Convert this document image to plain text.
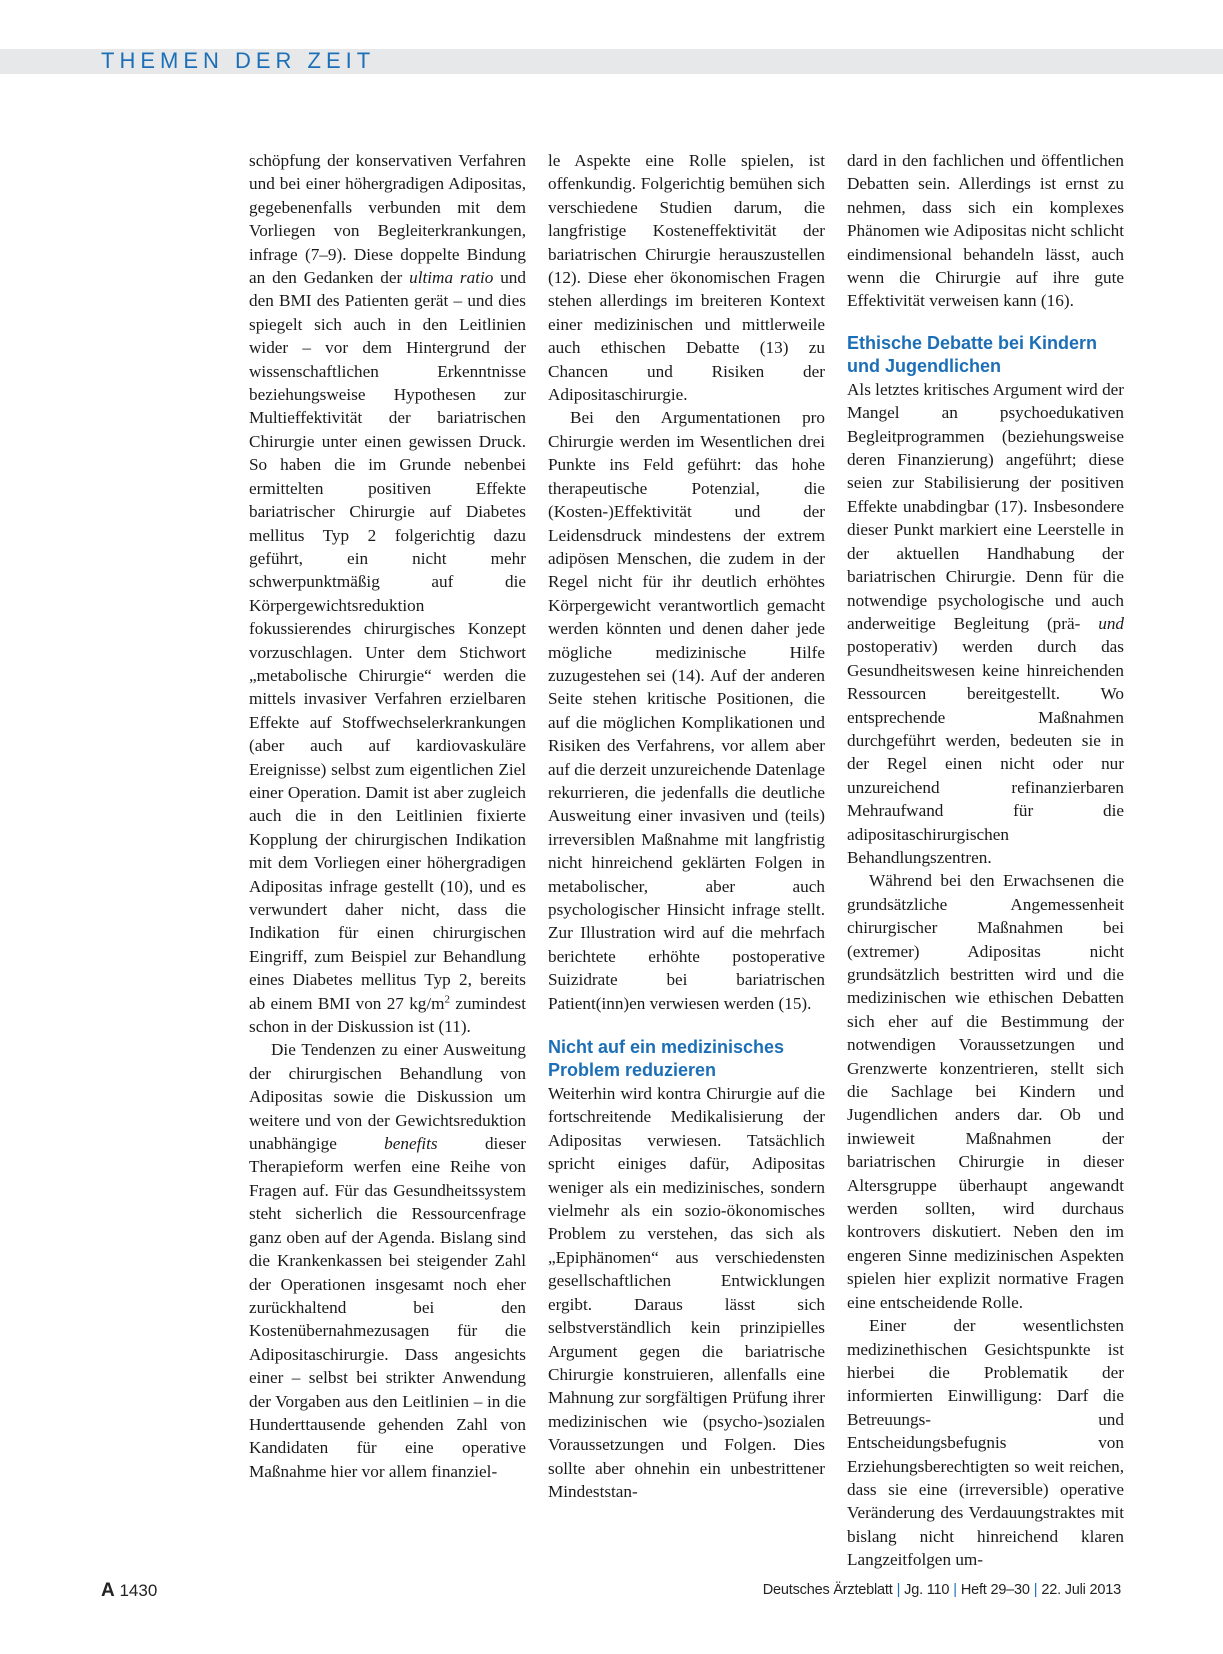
THEMEN DER ZEIT

schöpfung der konservativen Verfahren und bei einer höhergradigen Adipositas, gegebenenfalls verbunden mit dem Vorliegen von Begleiterkrankungen, infrage (7–9). Diese doppelte Bindung an den Gedanken der ultima ratio und den BMI des Patienten gerät – und dies spiegelt sich auch in den Leitlinien wider – vor dem Hintergrund der wissenschaftlichen Erkenntnisse beziehungsweise Hypothesen zur Multieffektivität der bariatrischen Chirurgie unter einen gewissen Druck. So haben die im Grunde nebenbei ermittelten positiven Effekte bariatrischer Chirurgie auf Diabetes mellitus Typ 2 folgerichtig dazu geführt, ein nicht mehr schwerpunktmäßig auf die Körpergewichtsreduktion fokussierendes chirurgisches Konzept vorzuschlagen. Unter dem Stichwort „metabolische Chirurgie“ werden die mittels invasiver Verfahren erzielbaren Effekte auf Stoffwechselerkrankungen (aber auch auf kardiovaskuläre Ereignisse) selbst zum eigentlichen Ziel einer Operation. Damit ist aber zugleich auch die in den Leitlinien fixierte Kopplung der chirurgischen Indikation mit dem Vorliegen einer höhergradigen Adipositas infrage gestellt (10), und es verwundert daher nicht, dass die Indikation für einen chirurgischen Eingriff, zum Beispiel zur Behandlung eines Diabetes mellitus Typ 2, bereits ab einem BMI von 27 $kg/m^2$ zumindest schon in der Diskussion ist (11).

Die Tendenzen zu einer Ausweitung der chirurgischen Behandlung von Adipositas sowie die Diskussion um weitere und von der Gewichtsreduktion unabhängige benefits dieser Therapieform werfen eine Reihe von Fragen auf. Für das Gesundheitssystem steht sicherlich die Ressourcenfrage ganz oben auf der Agenda. Bislang sind die Krankenkassen bei steigender Zahl der Operationen insgesamt noch eher zurückhaltend bei den Kostenübernahmezusagen für die Adipositaschirurgie. Dass angesichts einer – selbst bei strikter Anwendung der Vorgaben aus den Leitlinien – in die Hunderttausende gehenden Zahl von Kandidaten für eine operative Maßnahme hier vor allem finanziel-

le Aspekte eine Rolle spielen, ist offenkundig. Folgerichtig bemühen sich verschiedene Studien darum, die langfristige Kosteneffektivität der bariatrischen Chirurgie herauszustellen (12). Diese eher ökonomischen Fragen stehen allerdings im breiteren Kontext einer medizinischen und mittlerweile auch ethischen Debatte (13) zu Chancen und Risiken der Adipositaschirurgie.

Bei den Argumentationen pro Chirurgie werden im Wesentlichen drei Punkte ins Feld geführt: das hohe therapeutische Potenzial, die (Kosten-)Effektivität und der Leidensdruck mindestens der extrem adipösen Menschen, die zudem in der Regel nicht für ihr deutlich erhöhtes Körpergewicht verantwortlich gemacht werden könnten und denen daher jede mögliche medizinische Hilfe zuzugestehen sei (14). Auf der anderen Seite stehen kritische Positionen, die auf die möglichen Komplikationen und Risiken des Verfahrens, vor allem aber auf die derzeit unzureichende Datenlage rekurrieren, die jedenfalls die deutliche Ausweitung einer invasiven und (teils) irreversiblen Maßnahme mit langfristig nicht hinreichend geklärten Folgen in metabolischer, aber auch psychologischer Hinsicht infrage stellt. Zur Illustration wird auf die mehrfach berichtete erhöhte postoperative Suizidrate bei bariatrischen Patient(inn)en verwiesen werden (15).

Nicht auf ein medizinisches Problem reduzieren

Weiterhin wird kontra Chirurgie auf die fortschreitende Medikalisierung der Adipositas verwiesen. Tatsächlich spricht einiges dafür, Adipositas weniger als ein medizinisches, sondern vielmehr als ein sozio-ökonomisches Problem zu verstehen, das sich als „Epiphänomen“ aus verschiedensten gesellschaftlichen Entwicklungen ergibt. Daraus lässt sich selbstverständlich kein prinzipielles Argument gegen die bariatrische Chirurgie konstruieren, allenfalls eine Mahnung zur sorgfältigen Prüfung ihrer medizinischen wie (psycho-)sozialen Voraussetzungen und Folgen. Dies sollte aber ohnehin ein unbestrittener Mindeststan-

dard in den fachlichen und öffentlichen Debatten sein. Allerdings ist ernst zu nehmen, dass sich ein komplexes Phänomen wie Adipositas nicht schlicht eindimensional behandeln lässt, auch wenn die Chirurgie auf ihre gute Effektivität verweisen kann (16).

Ethische Debatte bei Kindern und Jugendlichen

Als letztes kritisches Argument wird der Mangel an psychoedukativen Begleitprogrammen (beziehungsweise deren Finanzierung) angeführt; diese seien zur Stabilisierung der positiven Effekte unabdingbar (17). Insbesondere dieser Punkt markiert eine Leerstelle in der aktuellen Handhabung der bariatrischen Chirurgie. Denn für die notwendige psychologische und auch anderweitige Begleitung (prä- und postoperativ) werden durch das Gesundheitswesen keine hinreichenden Ressourcen bereitgestellt. Wo entsprechende Maßnahmen durchgeführt werden, bedeuten sie in der Regel einen nicht oder nur unzureichend refinanzierbaren Mehraufwand für die adipositaschirurgischen Behandlungszentren.

Während bei den Erwachsenen die grundsätzliche Angemessenheit chirurgischer Maßnahmen bei (extremer) Adipositas nicht grundsätzlich bestritten wird und die medizinischen wie ethischen Debatten sich eher auf die Bestimmung der notwendigen Voraussetzungen und Grenzwerte konzentrieren, stellt sich die Sachlage bei Kindern und Jugendlichen anders dar. Ob und inwieweit Maßnahmen der bariatrischen Chirurgie in dieser Altersgruppe überhaupt angewandt werden sollten, wird durchaus kontrovers diskutiert. Neben den im engeren Sinne medizinischen Aspekten spielen hier explizit normative Fragen eine entscheidende Rolle.

Einer der wesentlichsten medizinethischen Gesichtspunkte ist hierbei die Problematik der informierten Einwilligung: Darf die Betreuungs- und Entscheidungsbefugnis von Erziehungsberechtigten so weit reichen, dass sie eine (irreversible) operative Veränderung des Verdauungstraktes mit bislang nicht hinreichend klaren Langzeitfolgen um-

A 1430	Deutsches Ärzteblatt | Jg. 110 | Heft 29–30 | 22. Juli 2013
